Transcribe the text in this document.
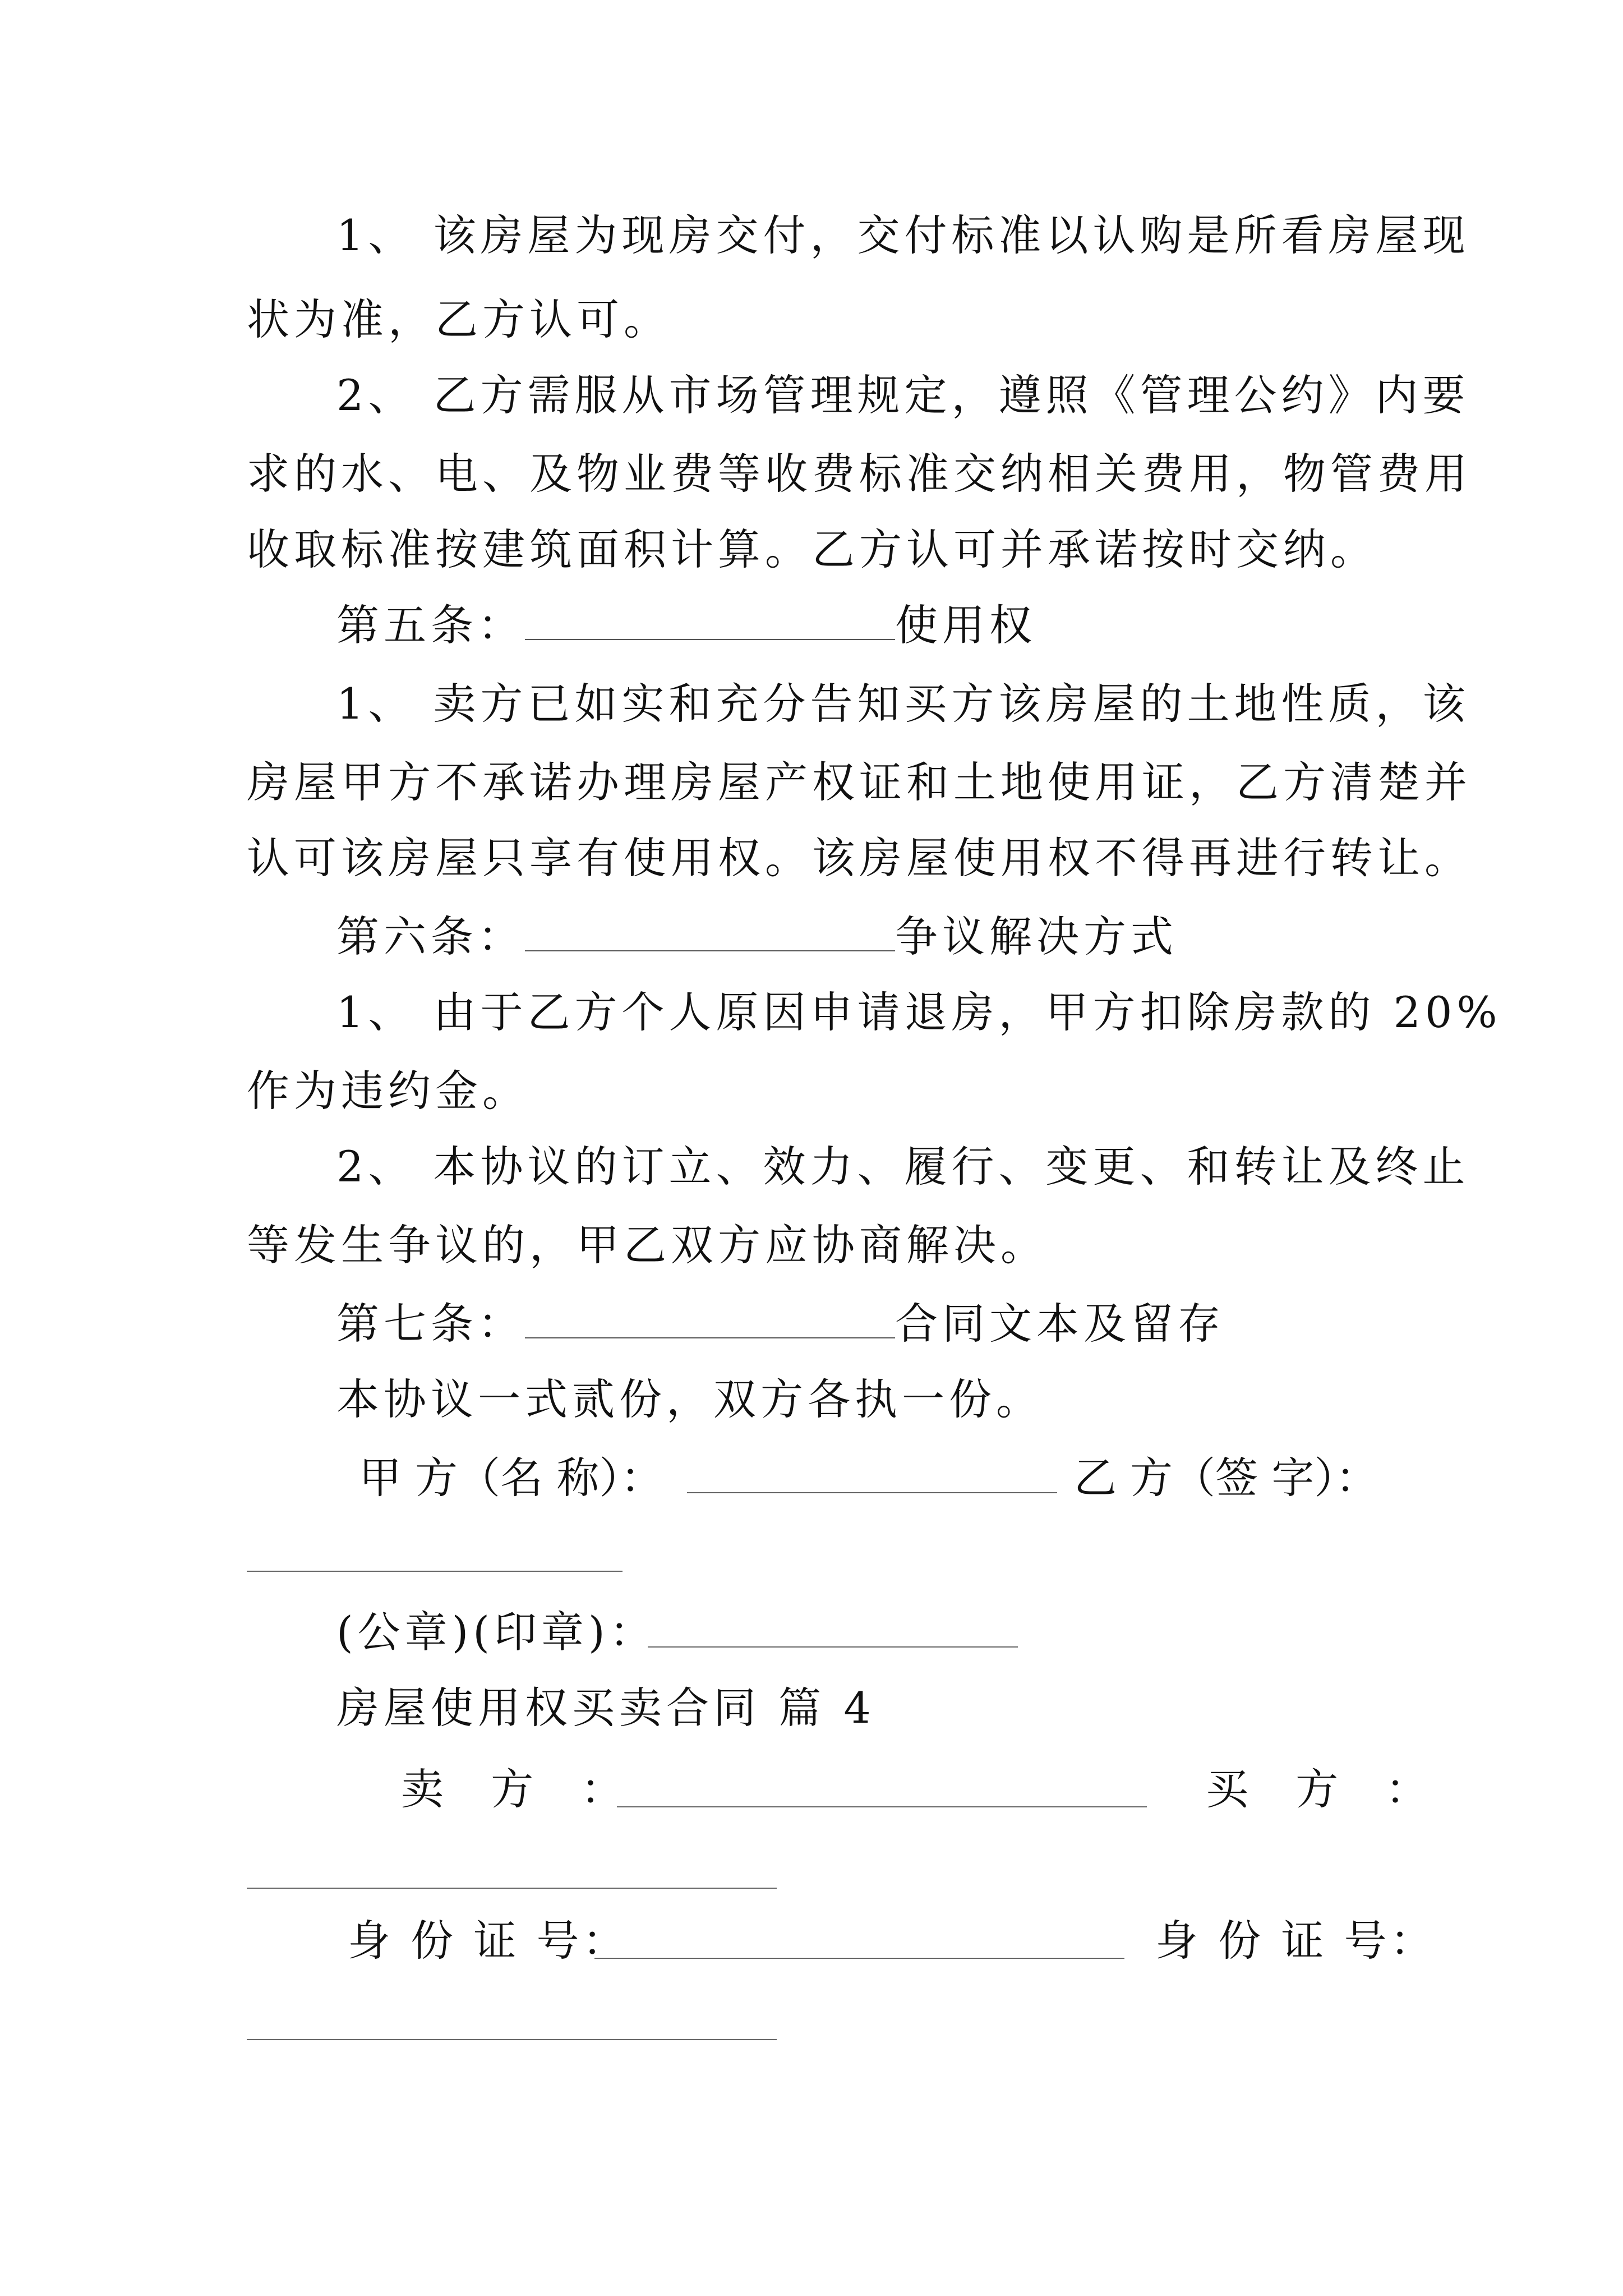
1、 该房屋为现房交付，交付标准以认购是所看房屋现
状为准，乙方认可。
2、 乙方需服从市场管理规定，遵照《管理公约》内要
求的水、电、及物业费等收费标准交纳相关费用，物管费用
收取标准按建筑面积计算。乙方认可并承诺按时交纳。
第五条：	使用权
1、 卖方已如实和充分告知买方该房屋的土地性质，该
房屋甲方不承诺办理房屋产权证和土地使用证，乙方清楚并
认可该房屋只享有使用权。该房屋使用权不得再进行转让。
第六条：	争议解决方式
1、 由于乙方个人原因申请退房，甲方扣除房款的 20%
作为违约金。
2、 本协议的订立、效力、履行、变更、和转让及终止
等发生争议的，甲乙双方应协商解决。
第七条：	合同文本及留存
本协议一式贰份，双方各执一份。
甲 方（名 称）：	乙 方（签 字）：
(公章)(印章)：
房屋使用权买卖合同 篇 4
卖 方 ：	买 方 ：
身 份 证 号：	身 份 证 号：
